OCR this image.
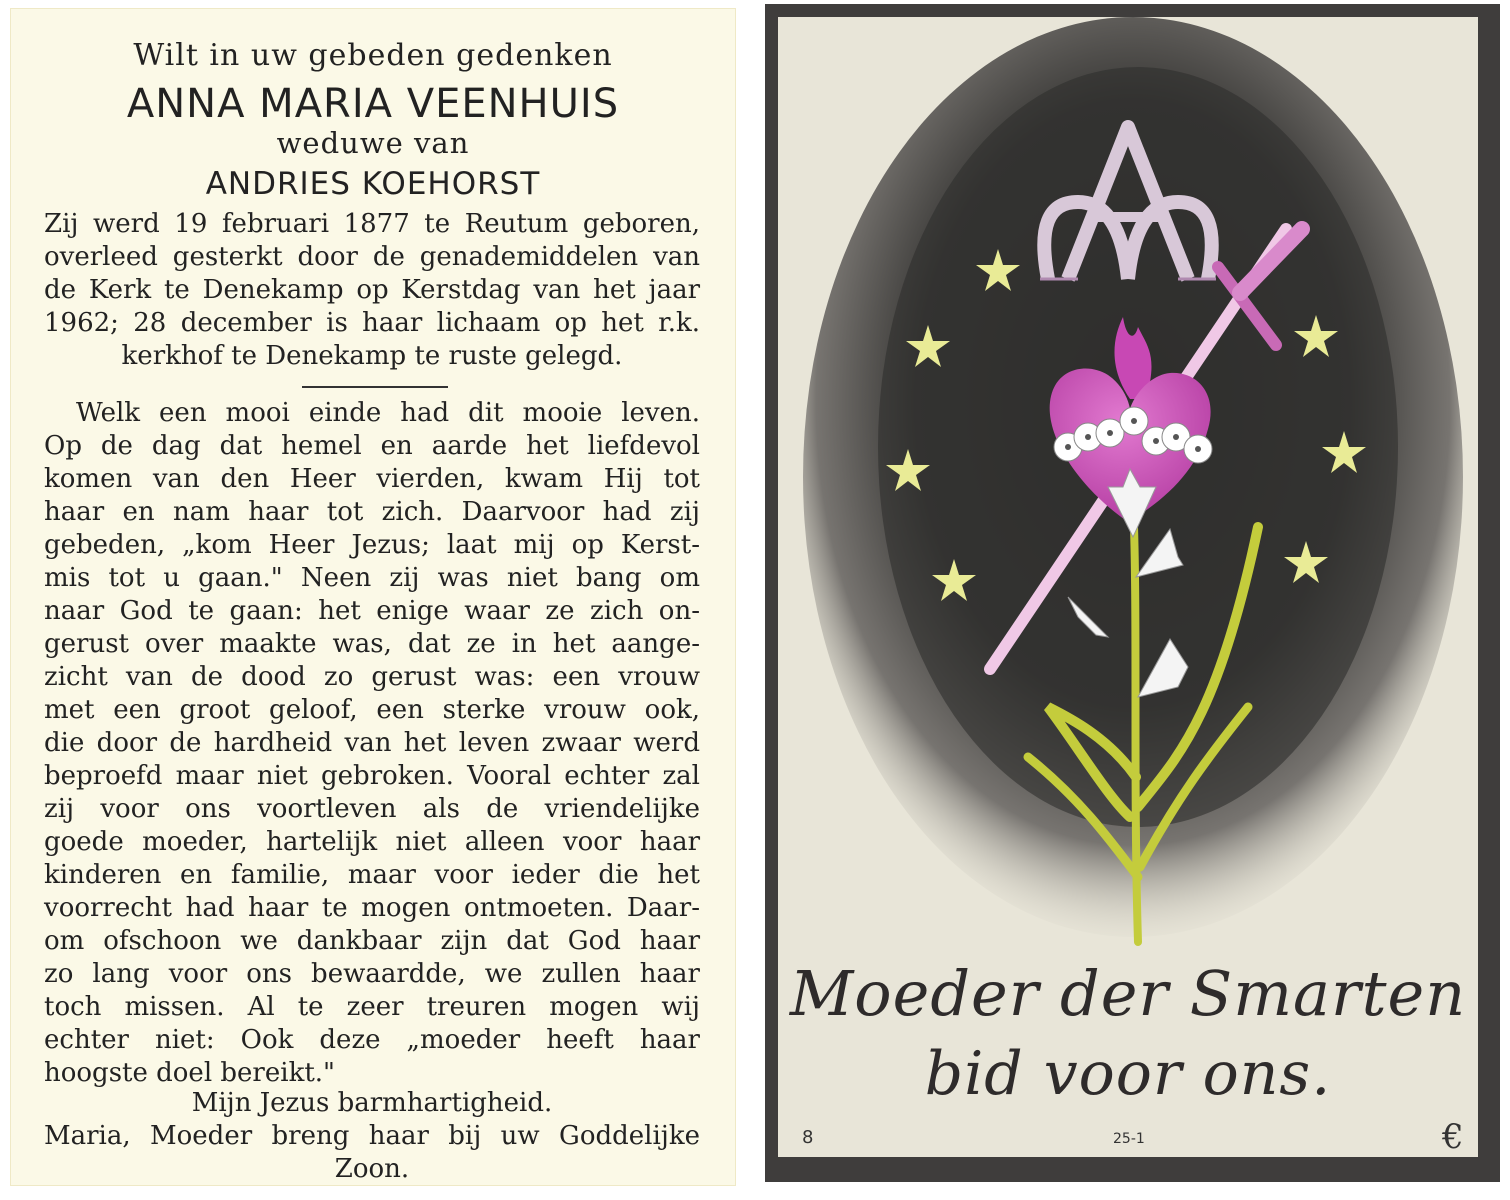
Wilt in uw gebeden gedenken
ANNA MARIA VEENHUIS
weduwe van
ANDRIES KOEHORST
Zij werd 19 februari 1877 te Reutum geboren,
overleed gesterkt door de genademiddelen van
de Kerk te Denekamp op Kerstdag van het jaar
1962; 28 december is haar lichaam op het r.k.
kerkhof te Denekamp te ruste gelegd.
Welk een mooi einde had dit mooie leven.
Op de dag dat hemel en aarde het liefdevol
komen van den Heer vierden, kwam Hij tot
haar en nam haar tot zich. Daarvoor had zij
gebeden, „kom Heer Jezus; laat mij op Kerst-
mis tot u gaan." Neen zij was niet bang om
naar God te gaan: het enige waar ze zich on-
gerust over maakte was, dat ze in het aange-
zicht van de dood zo gerust was: een vrouw
met een groot geloof, een sterke vrouw ook,
die door de hardheid van het leven zwaar werd
beproefd maar niet gebroken. Vooral echter zal
zij voor ons voortleven als de vriendelijke
goede moeder, hartelijk niet alleen voor haar
kinderen en familie, maar voor ieder die het
voorrecht had haar te mogen ontmoeten. Daar-
om ofschoon we dankbaar zijn dat God haar
zo lang voor ons bewaardde, we zullen haar
toch missen. Al te zeer treuren mogen wij
echter niet: Ook deze „moeder heeft haar
hoogste doel bereikt."
Mijn Jezus barmhartigheid.
Maria, Moeder breng haar bij uw Goddelijke
Zoon.
Moeder der Smarten
bid voor ons.
8	25-1	€
